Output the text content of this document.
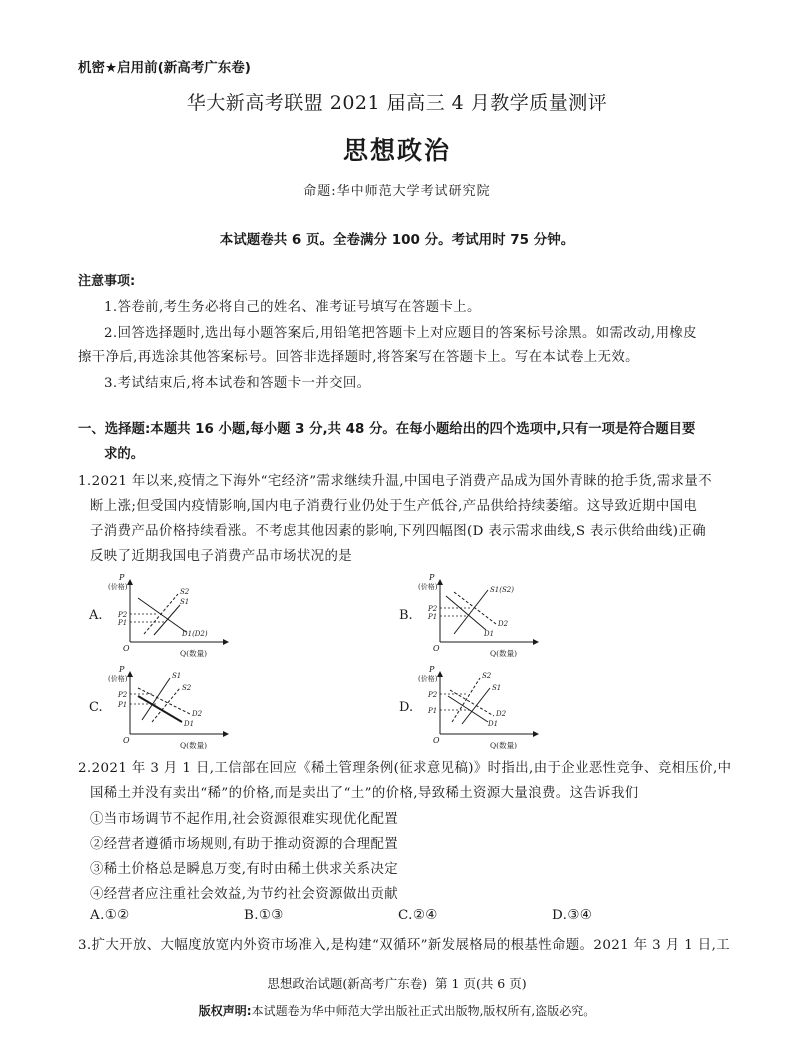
机密★启用前(新高考广东卷)
华大新高考联盟 2021 届高三 4 月教学质量测评
思想政治
命题:华中师范大学考试研究院
本试题卷共 6 页。全卷满分 100 分。考试用时 75 分钟。
注意事项:
1.答卷前,考生务必将自己的姓名、准考证号填写在答题卡上。
2.回答选择题时,选出每小题答案后,用铅笔把答题卡上对应题目的答案标号涂黑。如需改动,用橡皮
擦干净后,再选涂其他答案标号。回答非选择题时,将答案写在答题卡上。写在本试卷上无效。
3.考试结束后,将本试卷和答题卡一并交回。
一、选择题:本题共 16 小题,每小题 3 分,共 48 分。在每小题给出的四个选项中,只有一项是符合题目要
求的。
1.2021 年以来,疫情之下海外“宅经济”需求继续升温,中国电子消费产品成为国外青睐的抢手货,需求量不
断上涨;但受国内疫情影响,国内电子消费行业仍处于生产低谷,产品供给持续萎缩。这导致近期中国电
子消费产品价格持续看涨。不考虑其他因素的影响,下列四幅图(D 表示需求曲线,S 表示供给曲线)正确
反映了近期我国电子消费产品市场状况的是
A.
P
(价格)
O
Q(数量)
S2
S1
P2
P1
D1(D2)
B.
P
(价格)
O
Q(数量)
S1(S2)
P2
P1
D2
D1
C.
P
(价格)
O
Q(数量)
S1
S2
P2
P1
D2
D1
D.
P
(价格)
O
Q(数量)
S2
S1
P2
P1	D2
D1
2.2021 年 3 月 1 日,工信部在回应《稀土管理条例(征求意见稿)》时指出,由于企业恶性竞争、竞相压价,中
国稀土并没有卖出“稀”的价格,而是卖出了“土”的价格,导致稀土资源大量浪费。这告诉我们
①当市场调节不起作用,社会资源很难实现优化配置
②经营者遵循市场规则,有助于推动资源的合理配置
③稀土价格总是瞬息万变,有时由稀土供求关系决定
④经营者应注重社会效益,为节约社会资源做出贡献
A.①②	B.①③	C.②④	D.③④
3.扩大开放、大幅度放宽内外资市场准入,是构建“双循环”新发展格局的根基性命题。2021 年 3 月 1 日,工
思想政治试题(新高考广东卷)  第 1 页(共 6 页)
版权声明:本试题卷为华中师范大学出版社正式出版物,版权所有,盗版必究。
